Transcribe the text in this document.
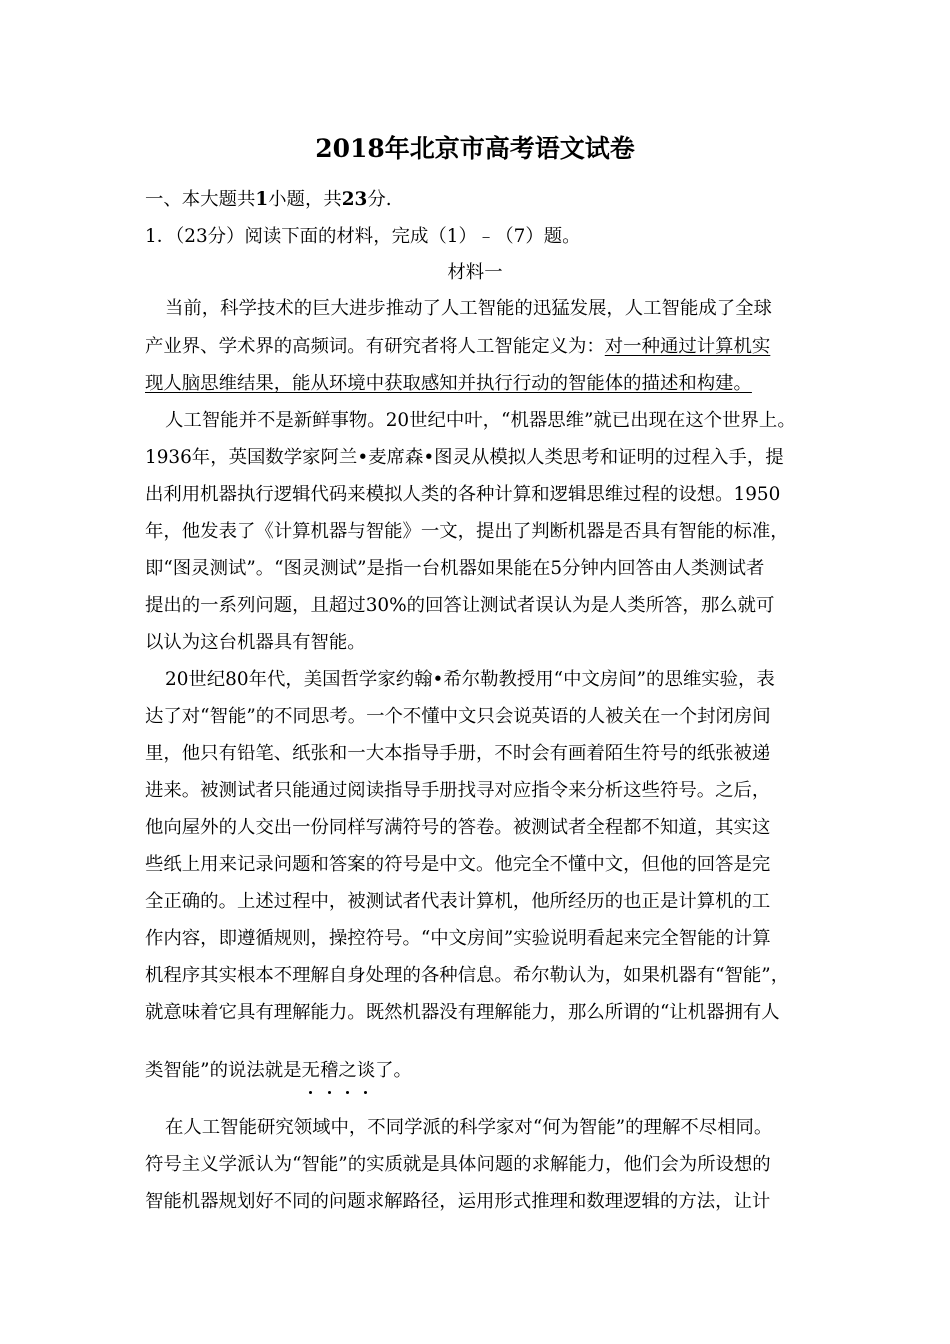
2018年北京市高考语文试卷
一、本大题共1小题，共23分.
1．（23分）阅读下面的材料，完成（1）﹣（7）题。
材料一
当前，科学技术的巨大进步推动了人工智能的迅猛发展，人工智能成了全球
产业界、学术界的高频词。有研究者将人工智能定义为：对一种通过计算机实
现人脑思维结果，能从环境中获取感知并执行行动的智能体的描述和构建。
人工智能并不是新鲜事物。20世纪中叶，“机器思维”就已出现在这个世界上。
1936年，英国数学家阿兰•麦席森•图灵从模拟人类思考和证明的过程入手，提
出利用机器执行逻辑代码来模拟人类的各种计算和逻辑思维过程的设想。1950
年，他发表了《计算机器与智能》一文，提出了判断机器是否具有智能的标准，
即“图灵测试”。“图灵测试”是指一台机器如果能在5分钟内回答由人类测试者
提出的一系列问题，且超过30%的回答让测试者误认为是人类所答，那么就可
以认为这台机器具有智能。
20世纪80年代，美国哲学家约翰•希尔勒教授用“中文房间”的思维实验，表
达了对“智能”的不同思考。一个不懂中文只会说英语的人被关在一个封闭房间
里，他只有铅笔、纸张和一大本指导手册，不时会有画着陌生符号的纸张被递
进来。被测试者只能通过阅读指导手册找寻对应指令来分析这些符号。之后，
他向屋外的人交出一份同样写满符号的答卷。被测试者全程都不知道，其实这
些纸上用来记录问题和答案的符号是中文。他完全不懂中文，但他的回答是完
全正确的。上述过程中，被测试者代表计算机，他所经历的也正是计算机的工
作内容，即遵循规则，操控符号。“中文房间”实验说明看起来完全智能的计算
机程序其实根本不理解自身处理的各种信息。希尔勒认为，如果机器有“智能”，
就意味着它具有理解能力。既然机器没有理解能力，那么所谓的“让机器拥有人
类智能”的说法就是无稽之谈了。
在人工智能研究领域中，不同学派的科学家对“何为智能”的理解不尽相同。
符号主义学派认为“智能”的实质就是具体问题的求解能力，他们会为所设想的
智能机器规划好不同的问题求解路径，运用形式推理和数理逻辑的方法，让计
